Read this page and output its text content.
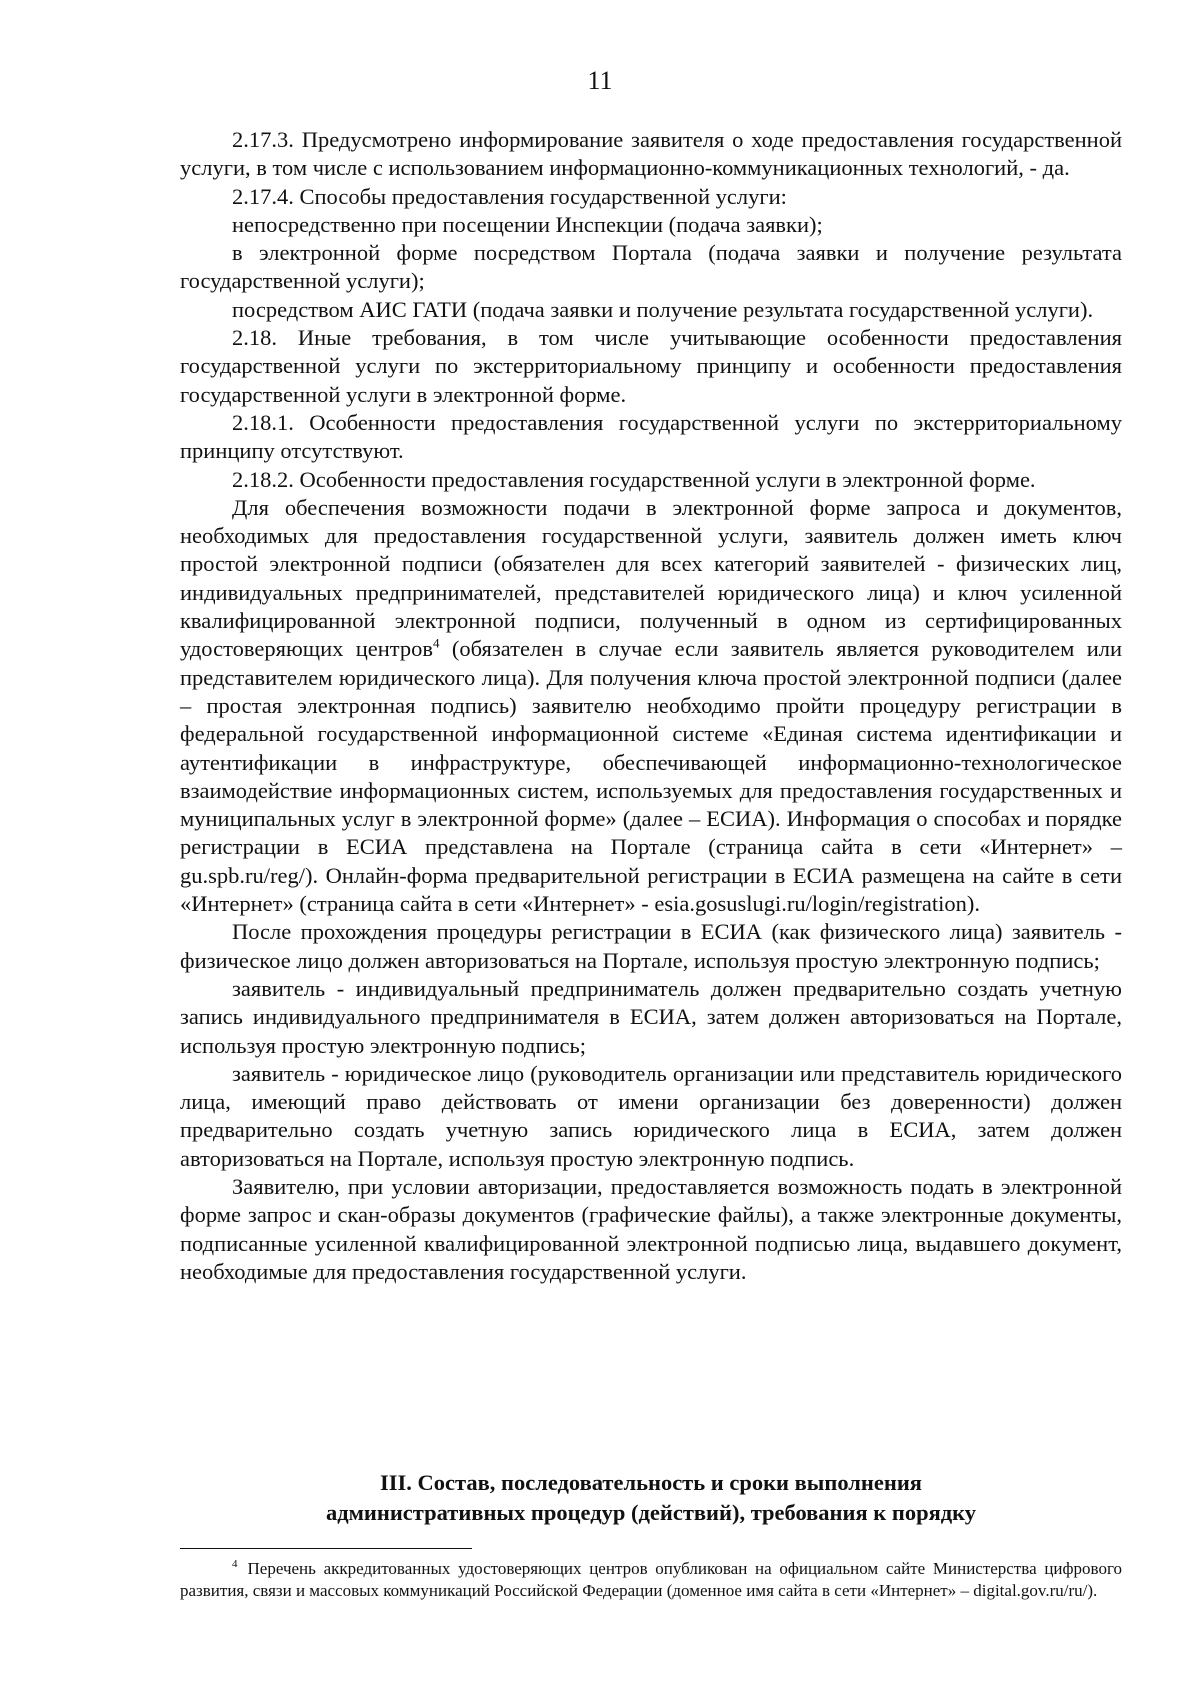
11

2.17.3. Предусмотрено информирование заявителя о ходе предоставления государственной услуги, в том числе с использованием информационно-коммуникационных технологий, - да.

2.17.4. Способы предоставления государственной услуги:

непосредственно при посещении Инспекции (подача заявки);

в электронной форме посредством Портала (подача заявки и получение результата государственной услуги);

посредством АИС ГАТИ (подача заявки и получение результата государственной услуги).

2.18. Иные требования, в том числе учитывающие особенности предоставления государственной услуги по экстерриториальному принципу и особенности предоставления государственной услуги в электронной форме.

2.18.1. Особенности предоставления государственной услуги по экстерриториальному принципу отсутствуют.

2.18.2. Особенности предоставления государственной услуги в электронной форме.

Для обеспечения возможности подачи в электронной форме запроса и документов, необходимых для предоставления государственной услуги, заявитель должен иметь ключ простой электронной подписи (обязателен для всех категорий заявителей - физических лиц, индивидуальных предпринимателей, представителей юридического лица) и ключ усиленной квалифицированной электронной подписи, полученный в одном из сертифицированных удостоверяющих центров$^4$ (обязателен в случае если заявитель является руководителем или представителем юридического лица). Для получения ключа простой электронной подписи (далее – простая электронная подпись) заявителю необходимо пройти процедуру регистрации в федеральной государственной информационной системе «Единая система идентификации и аутентификации в инфраструктуре, обеспечивающей информационно-технологическое взаимодействие информационных систем, используемых для предоставления государственных и муниципальных услуг в электронной форме» (далее – ЕСИА). Информация о способах и порядке регистрации в ЕСИА представлена на Портале (страница сайта в сети «Интернет» –gu.spb.ru/reg/). Онлайн-форма предварительной регистрации в ЕСИА размещена на сайте в сети «Интернет» (страница сайта в сети «Интернет» - esia.gosuslugi.ru/login/registration).

После прохождения процедуры регистрации в ЕСИА (как физического лица) заявитель - физическое лицо должен авторизоваться на Портале, используя простую электронную подпись;

заявитель - индивидуальный предприниматель должен предварительно создать учетную запись индивидуального предпринимателя в ЕСИА, затем должен авторизоваться на Портале, используя простую электронную подпись;

заявитель - юридическое лицо (руководитель организации или представитель юридического лица, имеющий право действовать от имени организации без доверенности) должен предварительно создать учетную запись юридического лица в ЕСИА, затем должен авторизоваться на Портале, используя простую электронную подпись.

Заявителю, при условии авторизации, предоставляется возможность подать в электронной форме запрос и скан-образы документов (графические файлы), а также электронные документы, подписанные усиленной квалифицированной электронной подписью лица, выдавшего документ, необходимые для предоставления государственной услуги.

III. Состав, последовательность и сроки выполнения
административных процедур (действий), требования к порядку
$^4$ Перечень аккредитованных удостоверяющих центров опубликован на официальном сайте Министерства цифрового развития, связи и массовых коммуникаций Российской Федерации (доменное имя сайта в сети «Интернет» – digital.gov.ru/ru/).
